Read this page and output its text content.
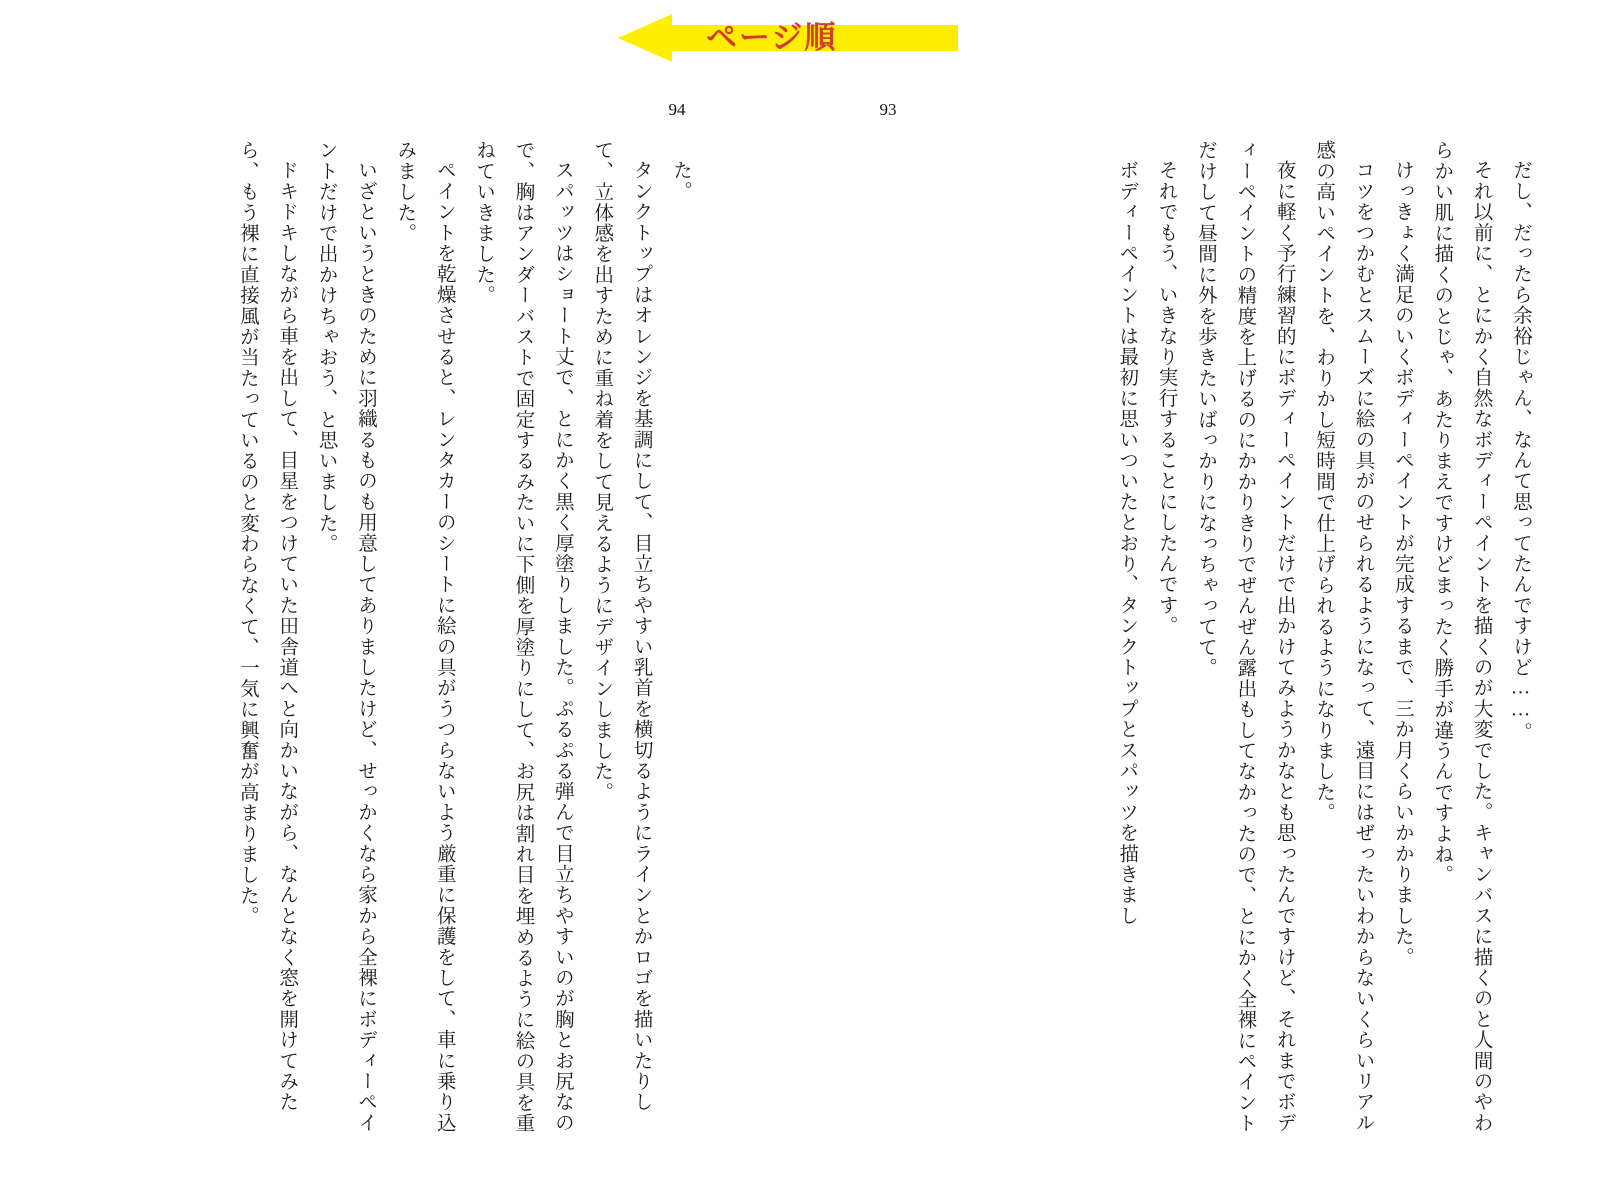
ページ順
94	93

だし、だったら余裕じゃん、なんて思ってたんですけど……。

それ以前に、とにかく自然なボディーペイントを描くのが大変でした。キャンバスに描くのと人間のやわらかい肌に描くのとじゃ、あたりまえですけどまったく勝手が違うんですよね。

けっきょく満足のいくボディーペイントが完成するまで、三か月くらいかかりました。

コツをつかむとスムーズに絵の具がのせられるようになって、遠目にはぜったいわからないくらいリアル感の高いペイントを、わりかし短時間で仕上げられるようになりました。

夜に軽く予行練習的にボディーペイントだけで出かけてみようかなとも思ったんですけど、それまでボディーペイントの精度を上げるのにかかりきりでぜんぜん露出もしてなかったので、とにかく全裸にペイントだけして昼間に外を歩きたいばっかりになっちゃってて。

それでもう、いきなり実行することにしたんです。

ボディーペイントは最初に思いついたとおり、タンクトップとスパッツを描きまし

た。

タンクトップはオレンジを基調にして、目立ちやすい乳首を横切るようにラインとかロゴを描いたりして、立体感を出すために重ね着をして見えるようにデザインしました。

スパッツはショート丈で、とにかく黒く厚塗りしました。ぷるぷる弾んで目立ちやすいのが胸とお尻なので、胸はアンダーバストで固定するみたいに下側を厚塗りにして、お尻は割れ目を埋めるように絵の具を重ねていきました。

ペイントを乾燥させると、レンタカーのシートに絵の具がうつらないよう厳重に保護をして、車に乗り込みました。

いざというときのために羽織るものも用意してありましたけど、せっかくなら家から全裸にボディーペイントだけで出かけちゃおう、と思いました。

ドキドキしながら車を出して、目星をつけていた田舎道へと向かいながら、なんとなく窓を開けてみたら、もう裸に直接風が当たっているのと変わらなくて、一気に興奮が高まりました。
